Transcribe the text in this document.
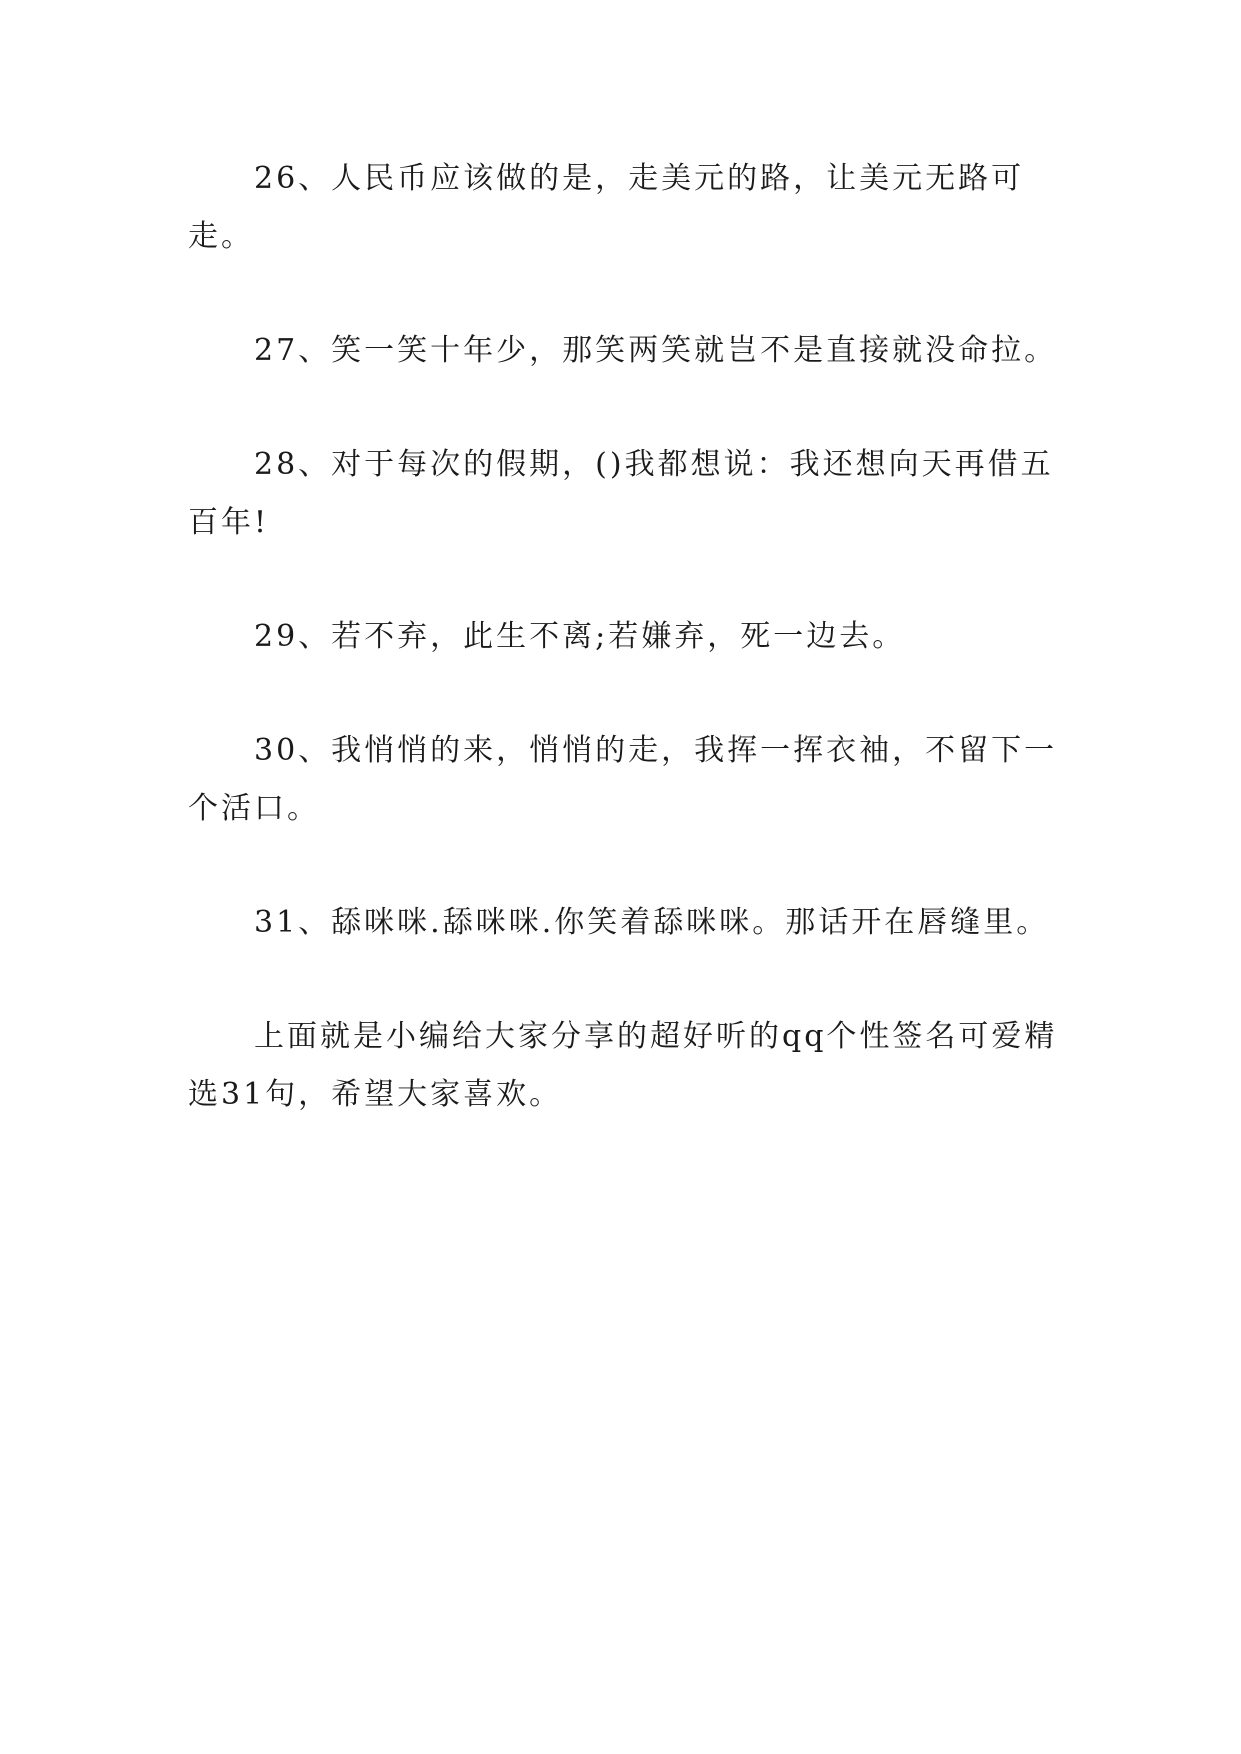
26、人民币应该做的是，走美元的路，让美元无路可走。

27、笑一笑十年少，那笑两笑就岂不是直接就没命拉。

28、对于每次的假期，()我都想说：我还想向天再借五百年!

29、若不弃，此生不离;若嫌弃，死一边去。

30、我悄悄的来，悄悄的走，我挥一挥衣袖，不留下一个活口。

31、舔咪咪.舔咪咪.你笑着舔咪咪。那话开在唇缝里。

上面就是小编给大家分享的超好听的qq个性签名可爱精选31句，希望大家喜欢。
